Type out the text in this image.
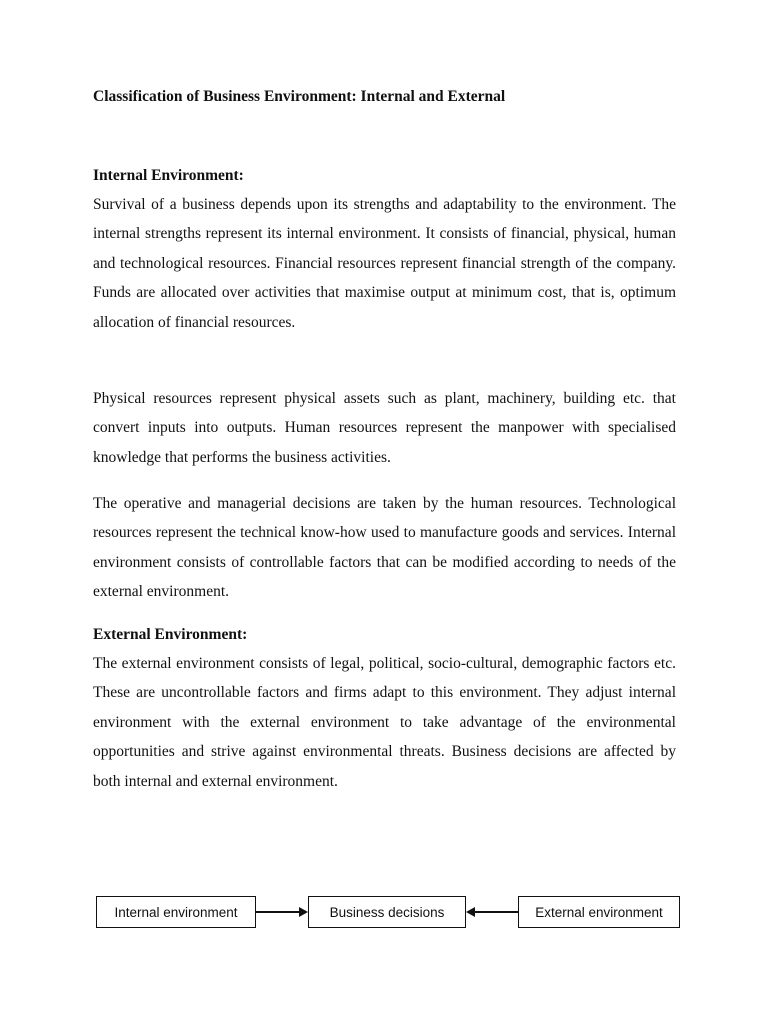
Classification of Business Environment: Internal and External
Internal Environment:

Survival of a business depends upon its strengths and adaptability to the environment. The internal strengths represent its internal environment. It consists of financial, physical, human and technological resources. Financial resources represent financial strength of the company. Funds are allocated over activities that maximise output at minimum cost, that is, optimum allocation of financial resources.

Physical resources represent physical assets such as plant, machinery, building etc. that convert inputs into outputs. Human resources represent the manpower with specialised knowledge that performs the business activities.

The operative and managerial decisions are taken by the human resources. Technological resources represent the technical know-how used to manufacture goods and services. Internal environment consists of controllable factors that can be modified according to needs of the external environment.

External Environment:

The external environment consists of legal, political, socio-cultural, demographic factors etc. These are uncontrollable factors and firms adapt to this environment. They adjust internal environment with the external environment to take advantage of the environmental opportunities and strive against environmental threats. Business decisions are affected by both internal and external environment.

Internal environment	Business decisions	External environment
